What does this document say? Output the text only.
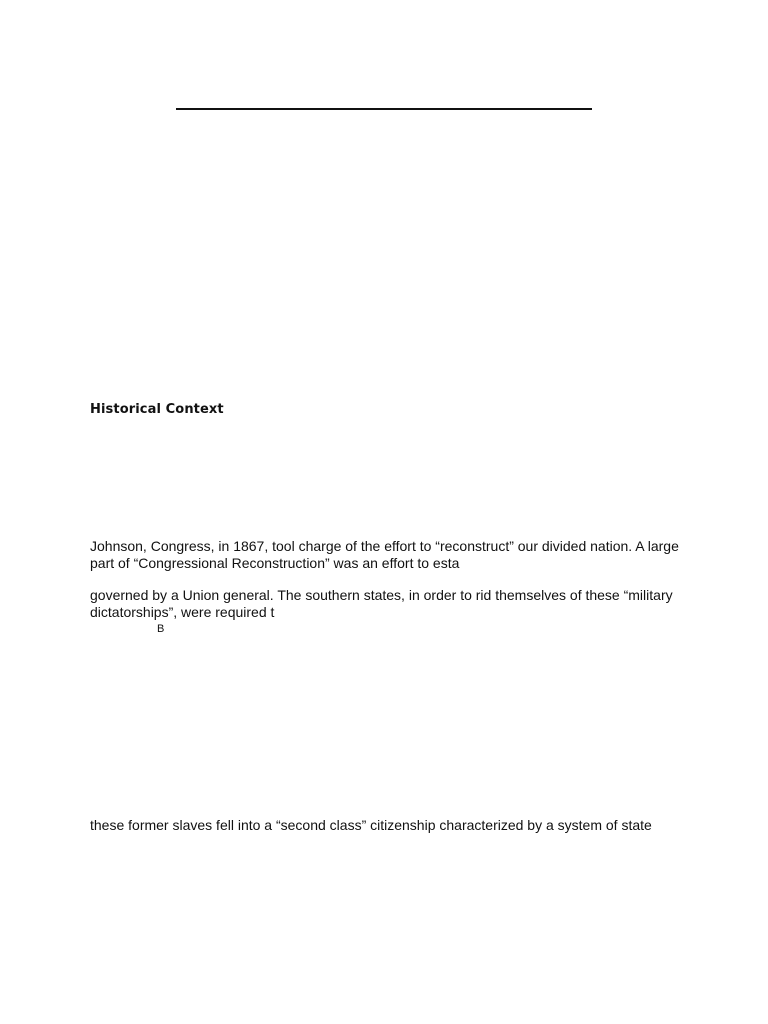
Historical Context
Johnson, Congress, in 1867, tool charge of the effort to “reconstruct” our divided nation. A large
part of “Congressional Reconstruction” was an effort to esta
governed by a Union general. The southern states, in order to rid themselves of these “military
dictatorships”, were required t
B
these former slaves fell into a “second class” citizenship characterized by a system of state
